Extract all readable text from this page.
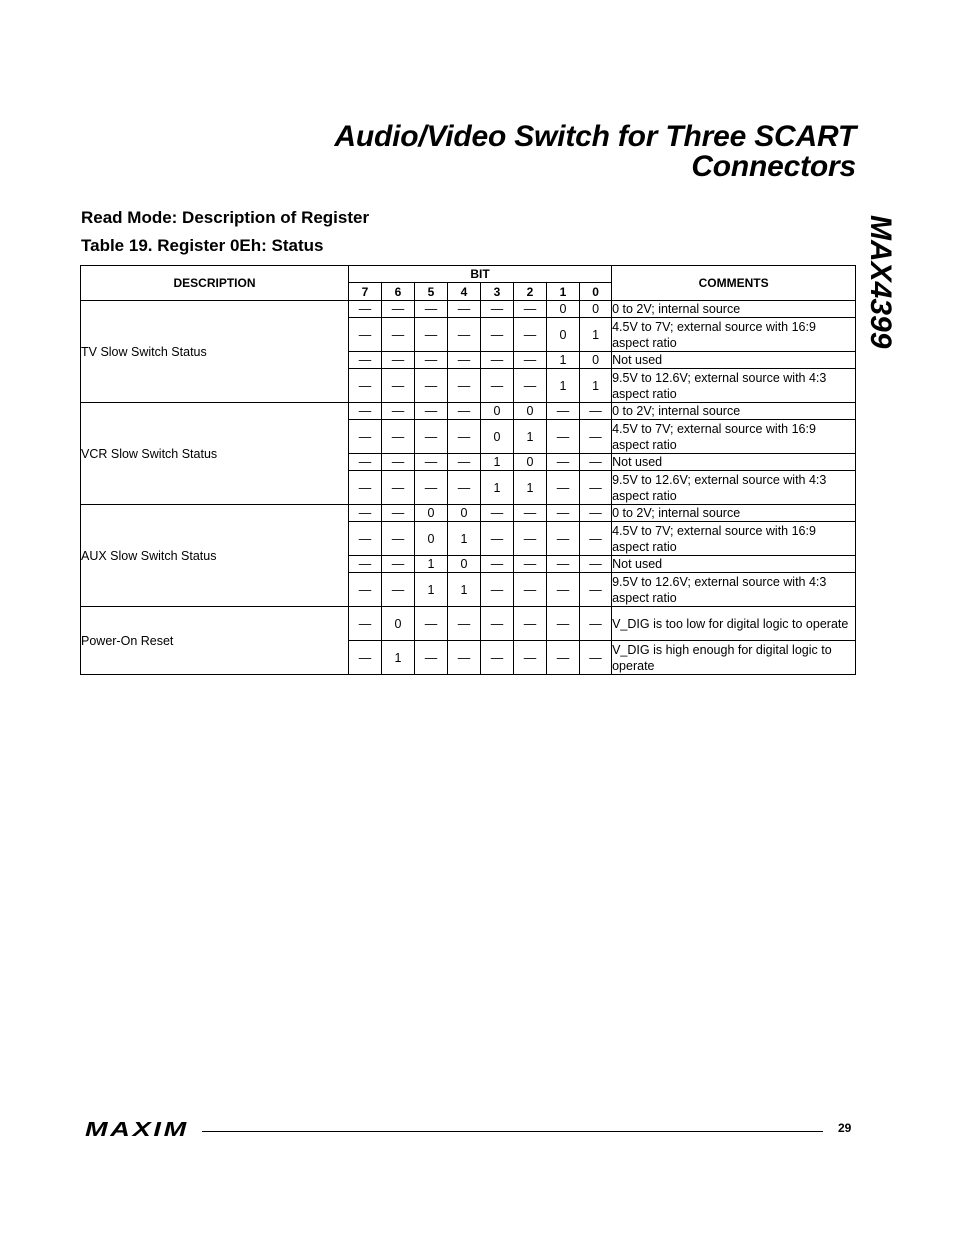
Audio/Video Switch for Three SCART
Connectors
MAX4399
Read Mode: Description of Register
Table 19. Register 0Eh: Status
DESCRIPTION	BIT								COMMENTS
	7	6	5	4	3	2	1	0	
TV Slow Switch Status	—	—	—	—	—	—	0	0	0 to 2V; internal source
	—	—	—	—	—	—	0	1	4.5V to 7V; external source with 16:9 aspect ratio
	—	—	—	—	—	—	1	0	Not used
	—	—	—	—	—	—	1	1	9.5V to 12.6V; external source with 4:3 aspect ratio
VCR Slow Switch Status	—	—	—	—	0	0	—	—	0 to 2V; internal source
	—	—	—	—	0	1	—	—	4.5V to 7V; external source with 16:9 aspect ratio
	—	—	—	—	1	0	—	—	Not used
	—	—	—	—	1	1	—	—	9.5V to 12.6V; external source with 4:3 aspect ratio
AUX Slow Switch Status	—	—	0	0	—	—	—	—	0 to 2V; internal source
	—	—	0	1	—	—	—	—	4.5V to 7V; external source with 16:9 aspect ratio
	—	—	1	0	—	—	—	—	Not used
	—	—	1	1	—	—	—	—	9.5V to 12.6V; external source with 4:3 aspect ratio
Power-On Reset	—	0	—	—	—	—	—	—	V_DIG is too low for digital logic to operate
	—	1	—	—	—	—	—	—	V_DIG is high enough for digital logic to operate
MAXIM	29
